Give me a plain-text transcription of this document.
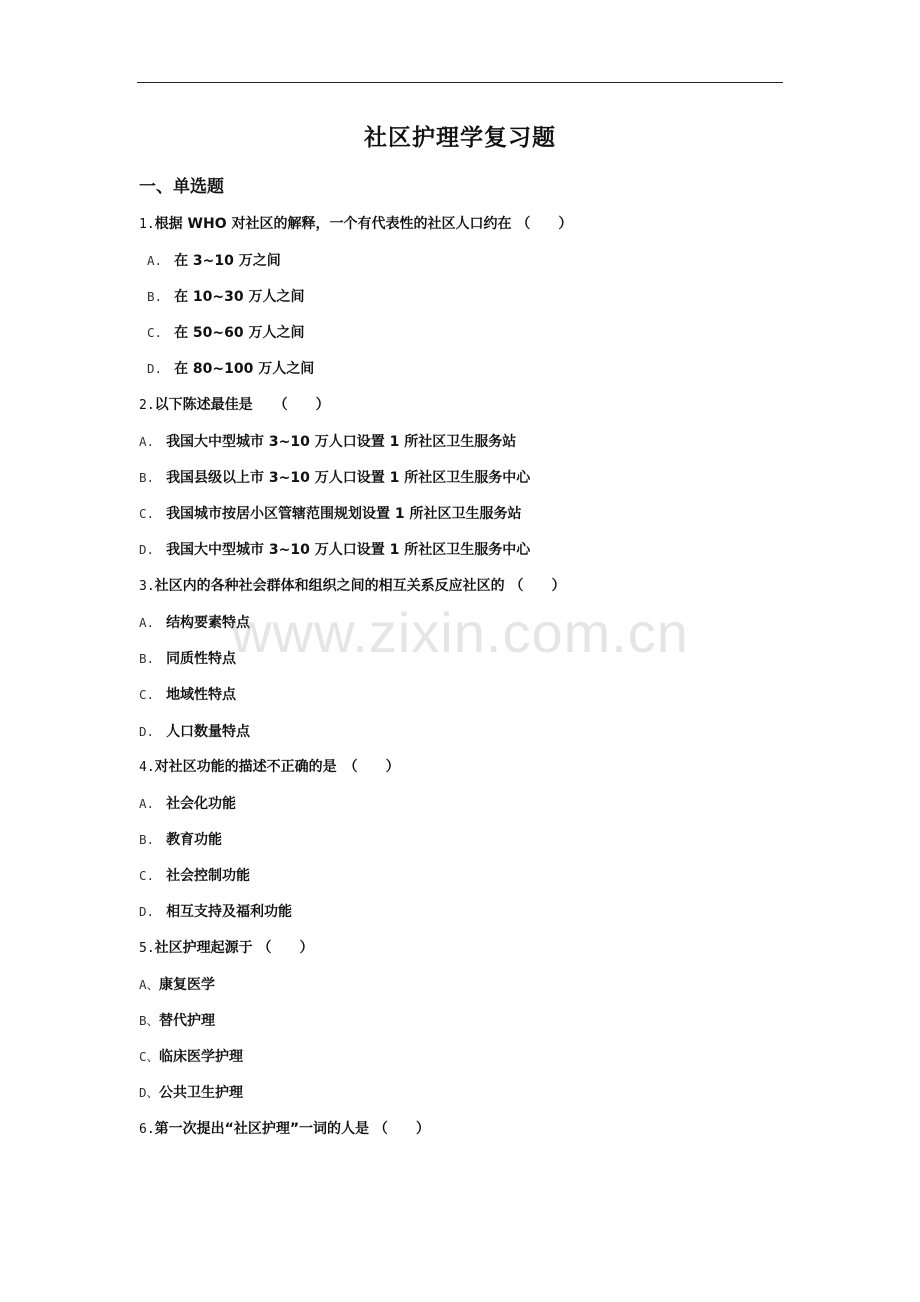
社区护理学复习题
一、单选题
1.根据 WHO 对社区的解释，一个有代表性的社区人口约在 （　　）
A. 在 3~10 万之间
B. 在 10~30 万人之间
C. 在 50~60 万人之间
D. 在 80~100 万人之间
2.以下陈述最佳是　　（　　）
A. 我国大中型城市 3~10 万人口设置 1 所社区卫生服务站
B. 我国县级以上市 3~10 万人口设置 1 所社区卫生服务中心
C. 我国城市按居小区管辖范围规划设置 1 所社区卫生服务站
D. 我国大中型城市 3~10 万人口设置 1 所社区卫生服务中心
3.社区内的各种社会群体和组织之间的相互关系反应社区的 （　　）
A. 结构要素特点
B. 同质性特点
C. 地域性特点
D. 人口数量特点
4.对社区功能的描述不正确的是　（　　）
A. 社会化功能
B. 教育功能
C. 社会控制功能
D. 相互支持及福利功能
5.社区护理起源于 （　　）
A、康复医学
B、替代护理
C、临床医学护理
D、公共卫生护理
6.第一次提出“社区护理”一词的人是 （　　）
www.zixin.com.cn
